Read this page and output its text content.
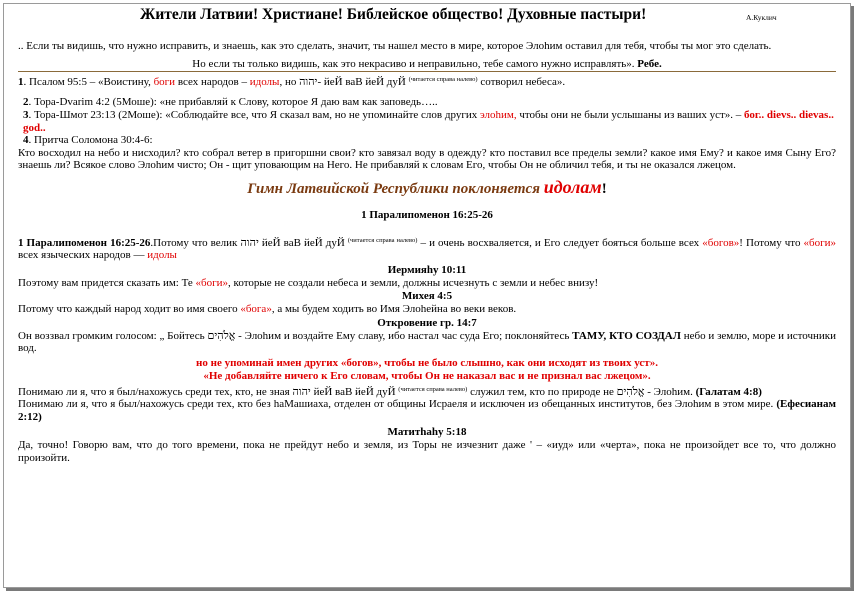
Жители Латвии! Христиане! Библейское общество! Духовные пастыри!	А.Куклич
.. Если ты видишь, что нужно исправить, и знаешь, как это сделать, значит, ты нашел место в мире, которое Элоhим оставил для тебя, чтобы ты мог это сделать.
Но если ты только видишь, как это некрасиво и неправильно, тебе самого нужно исправлять». Ребе.
1. Псалом 95:5 – «Воистину, боги всех народов – идолы, но יהוה- йеЙ ваВ йеЙ дуЙ $^{(читается справа налево)}$ сотворил небеса».
2. Тора-Dvarim 4:2 (5Моше): «не прибавляй к Слову, которое Я даю вам как заповедь…..
3. Тора-Шмот 23:13 (2Моше): «Соблюдайте все, что Я сказал вам, но не упоминайте слов других элоhим, чтобы они не были услышаны из ваших уст». – бог.. dievs.. dievas.. god..
4. Притча Соломона 30:4-6:
Кто восходил на небо и нисходил? кто собрал ветер в пригоршни свои? кто завязал воду в одежду? кто поставил все пределы земли? какое имя Ему? и какое имя Сыну Его? знаешь ли? Всякое слово Элоhим чисто; Он - щит уповающим на Него. Не прибавляй к словам Его, чтобы Он не обличил тебя, и ты не оказался лжецом.
Гимн Латвийской Республики поклоняется идолам!
1 Паралипоменон 16:25-26
1 Паралипоменон 16:25-26.Потому что велик יהוה йеЙ ваВ йеЙ дуЙ $^{(читается справа налево)}$ – и очень восхваляется, и Его следует бояться больше всех «богов»! Потому что «боги» всех языческих народов — идолы
Иермияhу 10:11
Поэтому вам придется сказать им: Те «боги», которые не создали небеса и земли, должны исчезнуть с земли и небес внизу!
Михея 4:5
Потому что каждый народ ходит во имя своего «бога», а мы будем ходить во Имя Элоhейна во веки веков.
Откровение гр. 14:7
Он воззвал громким голосом: „ Бойтесь אֱלֹהִים - Элоhим и воздайте Ему славу, ибо настал час суда Его; поклоняйтесь ТАМУ, КТО СОЗДАЛ небо и землю, море и источники вод.
но не упоминай имен других «богов», чтобы не было слышно, как они исходят из твоих уст».
«Не добавляйте ничего к Его словам, чтобы Он не наказал вас и не признал вас лжецом».
Понимаю ли я, что я был/нахожусь среди тех, кто, не зная יהוה йеЙ ваВ йеЙ дуЙ $^{(читается справа налево)}$ служил тем, кто по природе не אֱלֹהִים - Элоhим. (Галатам 4:8)
Понимаю ли я, что я был/нахожусь среди тех, кто без haМашиаха, отделен от общины Исраеля и исключен из обещанных институтов, без Элоhим в этом мире. (Ефесианам 2:12)
Матитhаhу 5:18
Да, точно! Говорю вам, что до того времени, пока не прейдут небо и земля, из Торы не изчезнит даже ' – «иуд» или «черта», пока не произойдет все то, что должно произойти.
